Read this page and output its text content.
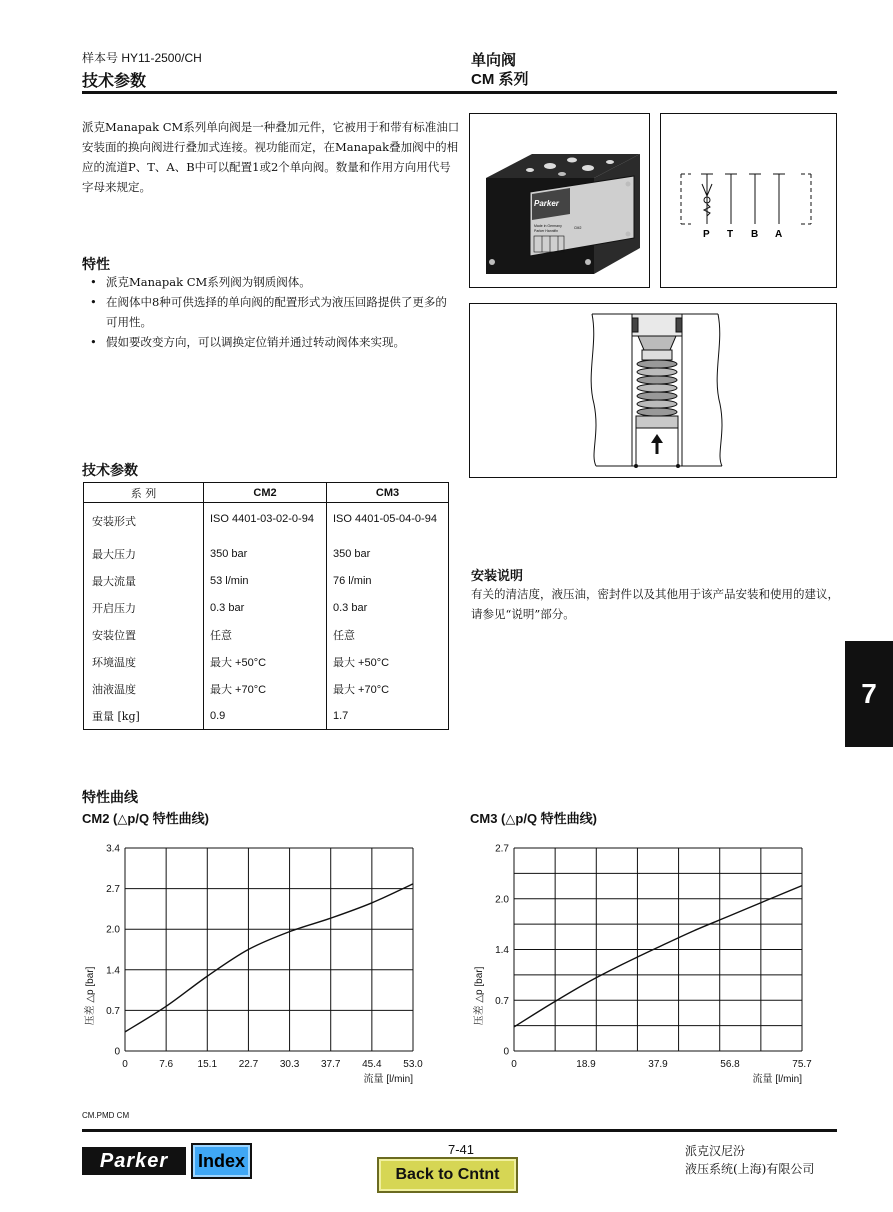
样本号 HY11-2500/CH
技术参数
单向阀
CM 系列
派克Manapak CM系列单向阀是一种叠加元件，它被用于和带有标准油口安装面的换向阀进行叠加式连接。视功能而定，在Manapak叠加阀中的相应的流道P、T、A、B中可以配置1或2个单向阀。数量和作用方向用代号字母来规定。
特性
• 派克Manapak CM系列阀为钢质阀体。
• 在阀体中8种可供选择的单向阀的配置形式为液压回路提供了更多的可用性。
• 假如要改变方向，可以调换定位销并通过转动阀体来实现。
技术参数
系 列	CM2	CM3
安装形式	ISO 4401-03-02-0-94	ISO 4401-05-04-0-94
最大压力	350 bar	350 bar
最大流量	53 l/min	76 l/min
开启压力	0.3 bar	0.3 bar
安装位置	任意	任意
环境温度	最大 +50°C	最大 +50°C
油液温度	最大 +70°C	最大 +70°C
重量 [kg]	0.9	1.7
Parker
Made in Germany
Parker Hannifin
CM2
P T B A
安装说明
有关的清洁度，液压油，密封件以及其他用于该产品安装和使用的建议，请参见“说明”部分。
7
特性曲线
CM2 (△p/Q 特性曲线)	CM3 (△p/Q 特性曲线)
0
0.7
1.4
2.0
2.7
3.4
0	7.6 15.1 22.7 30.3 37.7 45.4 53.0
流量 [l/min]
压差 △p [bar]
0
0.7
1.4
2.0
2.7
0	18.9	37.9	56.8	75.7
流量 [l/min]
压差 △p [bar]
CM.PMD CM
Parker	Index
7-41
Back to Cntnt
派克汉尼汾
液压系统(上海)有限公司
